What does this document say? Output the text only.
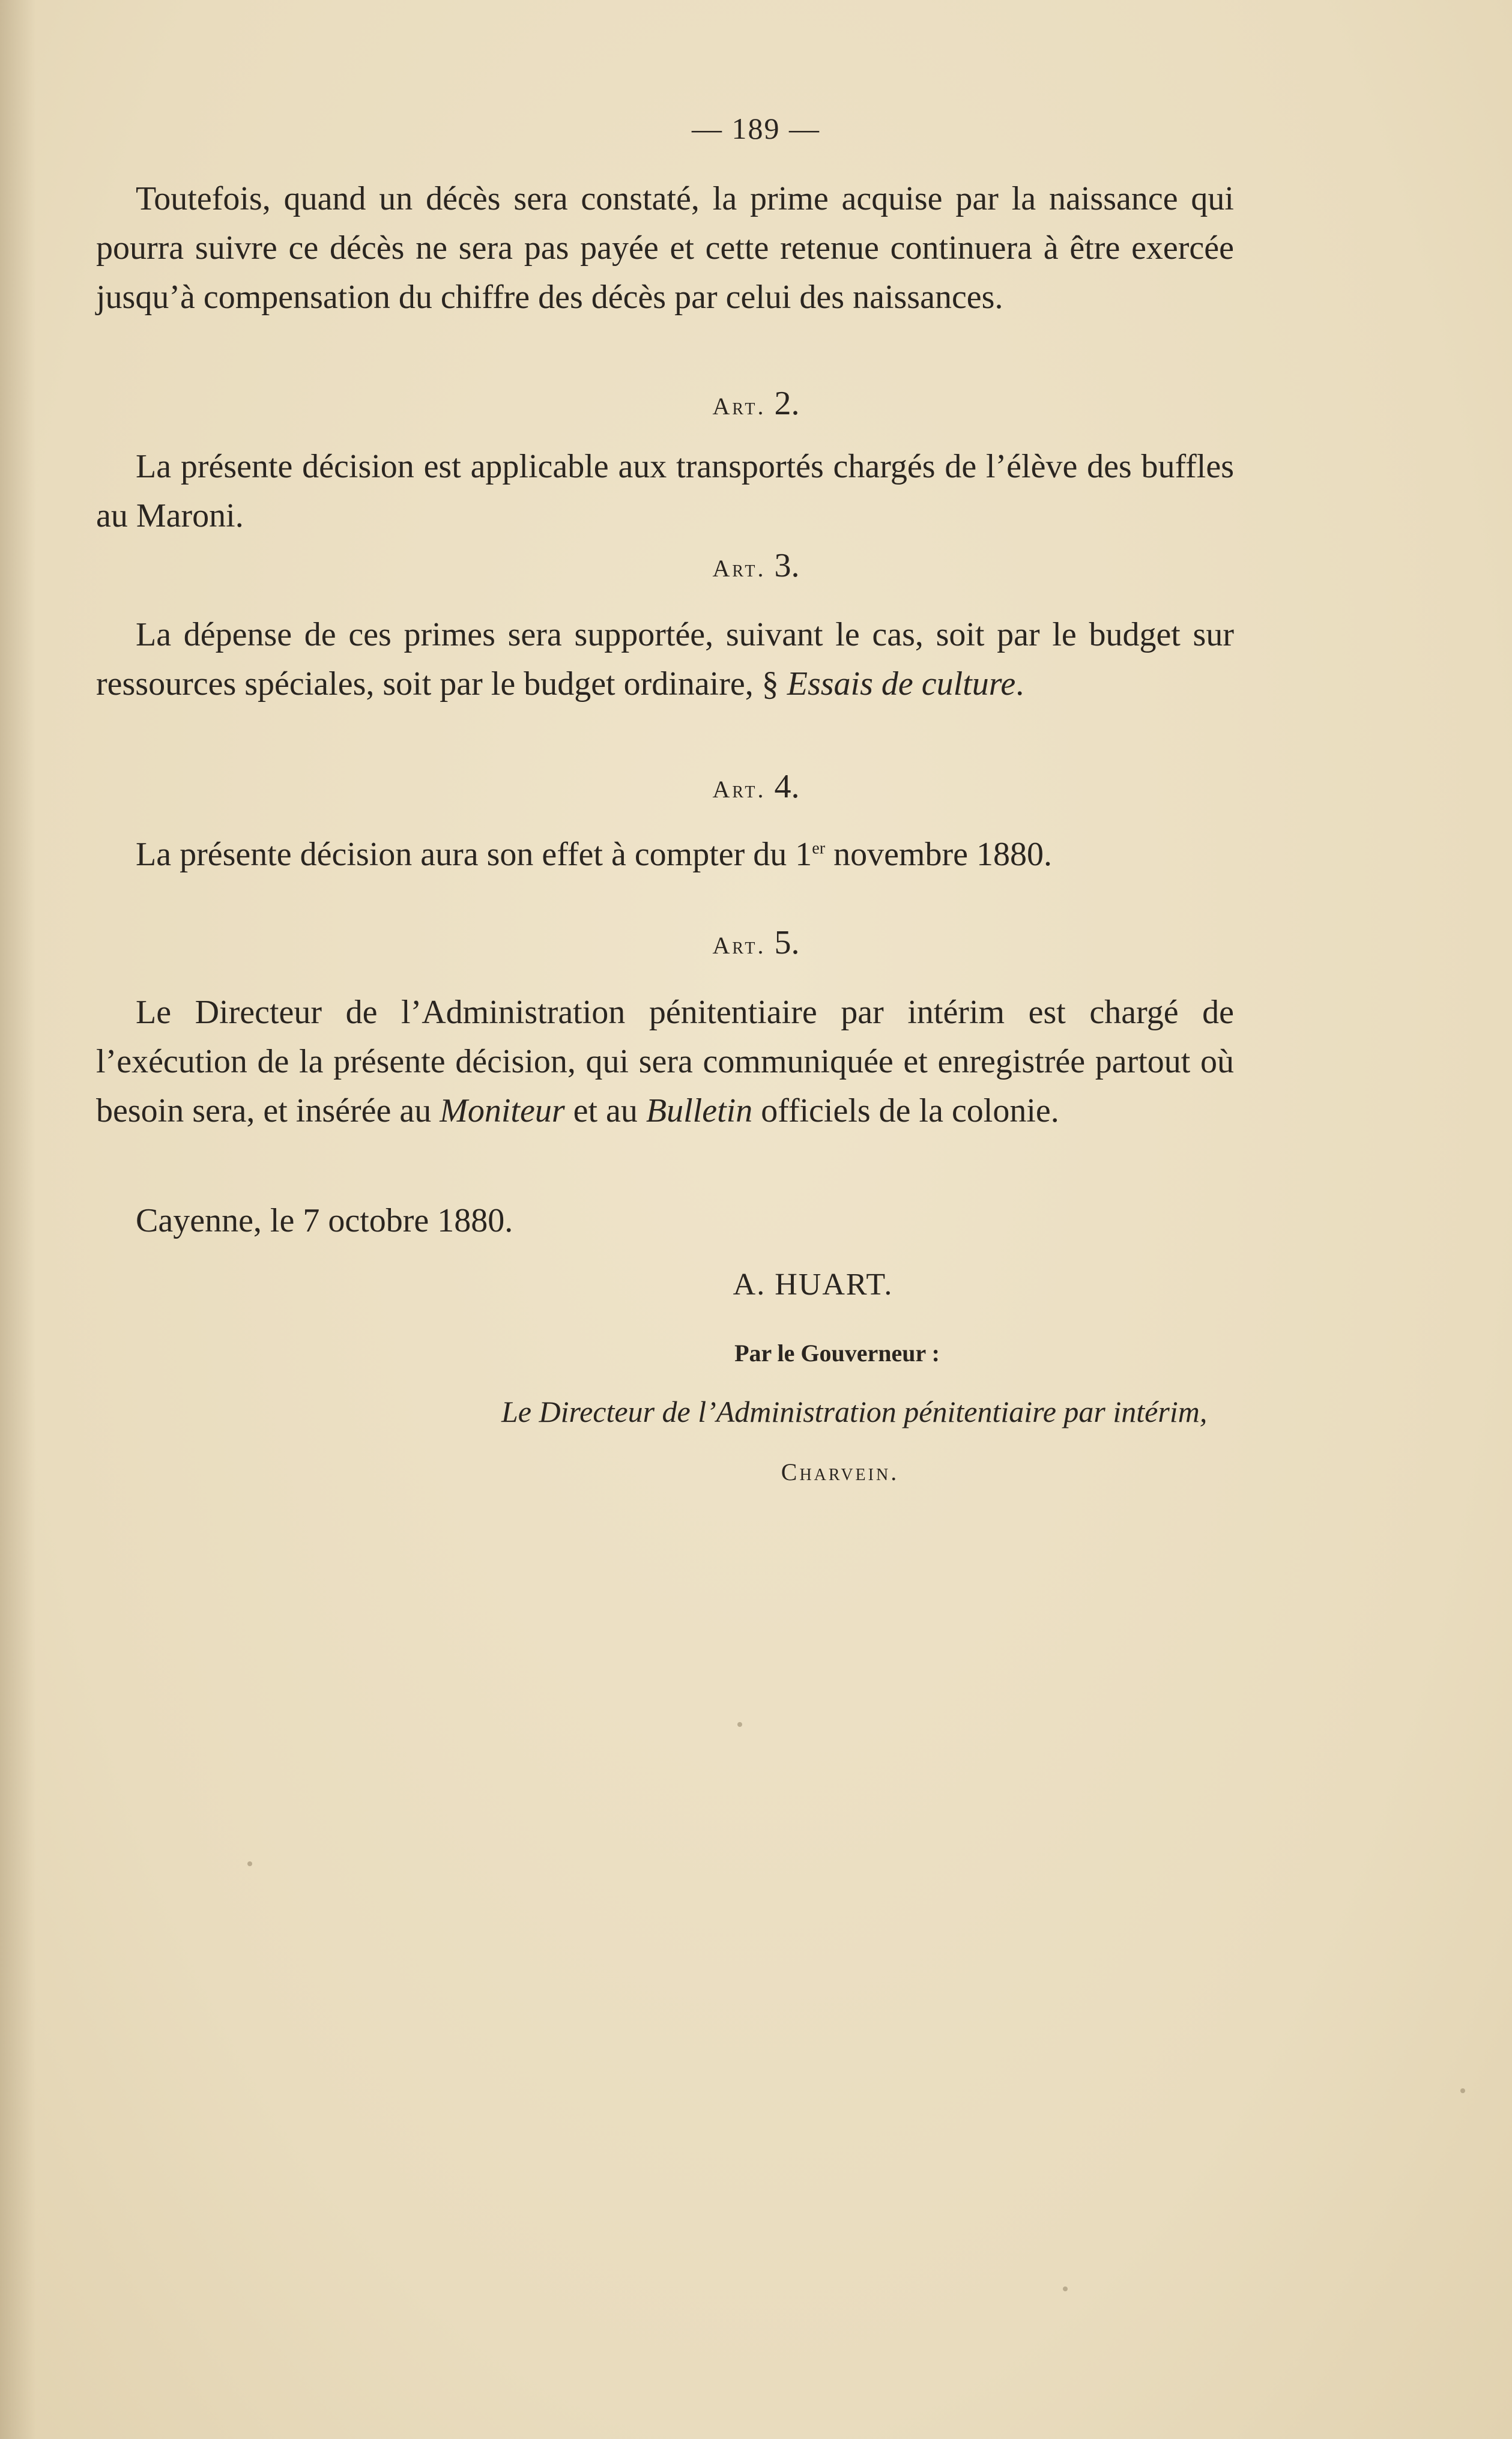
— 189 —

Toutefois, quand un décès sera constaté, la prime acquise par la naissance qui pourra suivre ce décès ne sera pas payée et cette retenue continuera à être exercée jusqu’à compensation du chiffre des décès par celui des naissances.

Art. 2.

La présente décision est applicable aux transportés chargés de l’élève des buffles au Maroni.

Art. 3.

La dépense de ces primes sera supportée, suivant le cas, soit par le budget sur ressources spéciales, soit par le budget ordinaire, § Essais de culture.

Art. 4.

La présente décision aura son effet à compter du 1er novembre 1880.

Art. 5.

Le Directeur de l’Administration pénitentiaire par intérim est chargé de l’exécution de la présente décision, qui sera communiquée et enregistrée partout où besoin sera, et insérée au Moniteur et au Bulletin officiels de la colonie.

Cayenne, le 7 octobre 1880.

A. HUART.
Par le Gouverneur :
Le Directeur de l’Administration pénitentiaire par intérim,
Charvein.
